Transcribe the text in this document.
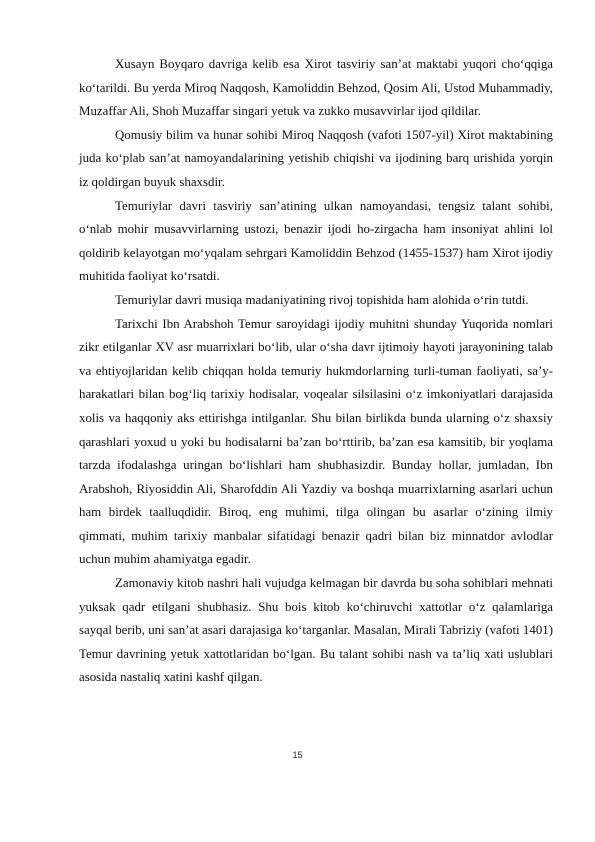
Xusayn Boyqaro davriga kelib esa Xirot tasviriy san’at maktabi yuqori cho‘qqiga ko‘tarildi. Bu yerda Miroq Naqqosh, Kamoliddin Behzod, Qosim Ali, Ustod Muhammadiy, Muzaffar Ali, Shoh Muzaffar singari yetuk va zukko musavvirlar ijod qildilar.

Qomusiy bilim va hunar sohibi Miroq Naqqosh (vafoti 1507-yil) Xirot maktabining juda ko‘plab san’at namoyandalarining yetishib chiqishi va ijodining barq urishida yorqin iz qoldirgan buyuk shaxsdir.

Temuriylar davri tasviriy san’atining ulkan namoyandasi, tengsiz talant sohibi, o‘nlab mohir musavvirlarning ustozi, benazir ijodi ho-zirgacha ham insoniyat ahlini lol qoldirib kelayotgan mo‘yqalam sehrgari Kamoliddin Behzod (1455-1537) ham Xirot ijodiy muhitida faoliyat ko‘rsatdi.

Temuriylar davri musiqa madaniyatining rivoj topishida ham alohida o‘rin tutdi.

Tarixchi Ibn Arabshoh Temur saroyidagi ijodiy muhitni shunday Yuqorida nomlari zikr etilganlar XV asr muarrixlari bo‘lib, ular o‘sha davr ijtimoiy hayoti jarayonining talab va ehtiyojlaridan kelib chiqqan holda temuriy hukmdorlarning turli-tuman faoliyati, sa’y-harakatlari bilan bog‘liq tarixiy hodisalar, voqealar silsilasini o‘z imkoniyatlari darajasida xolis va haqqoniy aks ettirishga intilganlar. Shu bilan birlikda bunda ularning o‘z shaxsiy qarashlari yoxud u yoki bu hodisalarni ba’zan bo‘rttirib, ba’zan esa kamsitib, bir yoqlama tarzda ifodalashga uringan bo‘lishlari ham shubhasizdir. Bunday hollar, jumladan, Ibn Arabshoh, Riyosiddin Ali, Sharofddin Ali Yazdiy va boshqa muarrixlarning asarlari uchun ham birdek taalluqdidir. Biroq, eng muhimi, tilga olingan bu asarlar o‘zining ilmiy qimmati, muhim tarixiy manbalar sifatidagi benazir qadri bilan biz minnatdor avlodlar uchun muhim ahamiyatga egadir.

Zamonaviy kitob nashri hali vujudga kelmagan bir davrda bu soha sohiblari mehnati yuksak qadr etilgani shubhasiz. Shu bois kitob ko‘chiruvchi xattotlar o‘z qalamlariga sayqal berib, uni san’at asari darajasiga ko‘targanlar. Masalan, Mirali Tabriziy (vafoti 1401) Temur davrining yetuk xattotlaridan bo‘lgan. Bu talant sohibi nash va ta’liq xati uslublari asosida nastaliq xatini kashf qilgan.

15
